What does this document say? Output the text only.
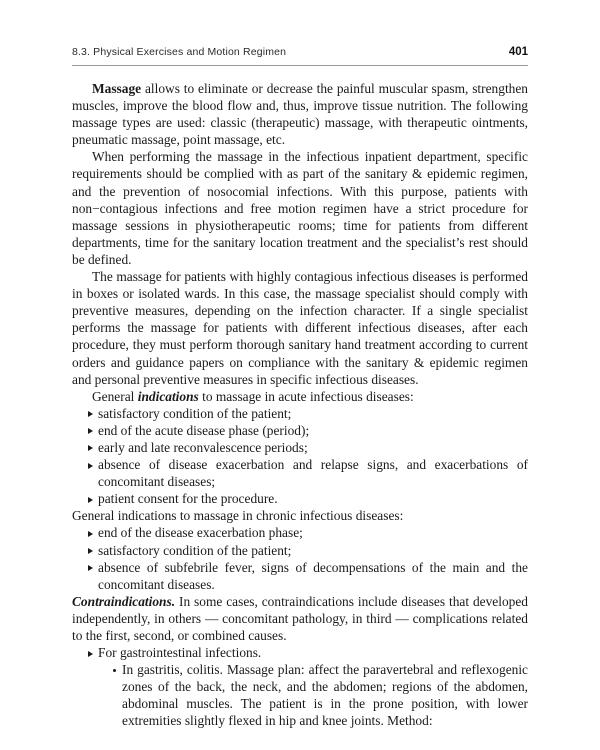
8.3. Physical Exercises and Motion Regimen	401

Massage allows to eliminate or decrease the painful muscular spasm, strengthen muscles, improve the blood flow and, thus, improve tissue nutrition. The following massage types are used: classic (therapeutic) massage, with therapeutic ointments, pneumatic massage, point massage, etc.

When performing the massage in the infectious inpatient department, specific requirements should be complied with as part of the sanitary & epidemic regimen, and the prevention of nosocomial infections. With this purpose, patients with non−contagious infections and free motion regimen have a strict procedure for massage sessions in physiotherapeutic rooms; time for patients from different departments, time for the sanitary location treatment and the specialist’s rest should be defined.

The massage for patients with highly contagious infectious diseases is performed in boxes or isolated wards. In this case, the massage specialist should comply with preventive measures, depending on the infection character. If a single specialist performs the massage for patients with different infectious diseases, after each procedure, they must perform thorough sanitary hand treatment according to current orders and guidance papers on compliance with the sanitary & epidemic regimen and personal preventive measures in specific infectious diseases.

General indications to massage in acute infectious diseases:

satisfactory condition of the patient;
end of the acute disease phase (period);
early and late reconvalescence periods;
absence of disease exacerbation and relapse signs, and exacerbations of concomitant diseases;
patient consent for the procedure.

General indications to massage in chronic infectious diseases:

end of the disease exacerbation phase;
satisfactory condition of the patient;
absence of subfebrile fever, signs of decompensations of the main and the concomitant diseases.

Contraindications. In some cases, contraindications include diseases that developed independently, in others — concomitant pathology, in third — complications related to the first, second, or combined causes.

For gastrointestinal infections.
In gastritis, colitis. Massage plan: affect the paravertebral and reflexogenic zones of the back, the neck, and the abdomen; regions of the abdomen, abdominal muscles. The patient is in the prone position, with lower extremities slightly flexed in hip and knee joints. Method:
